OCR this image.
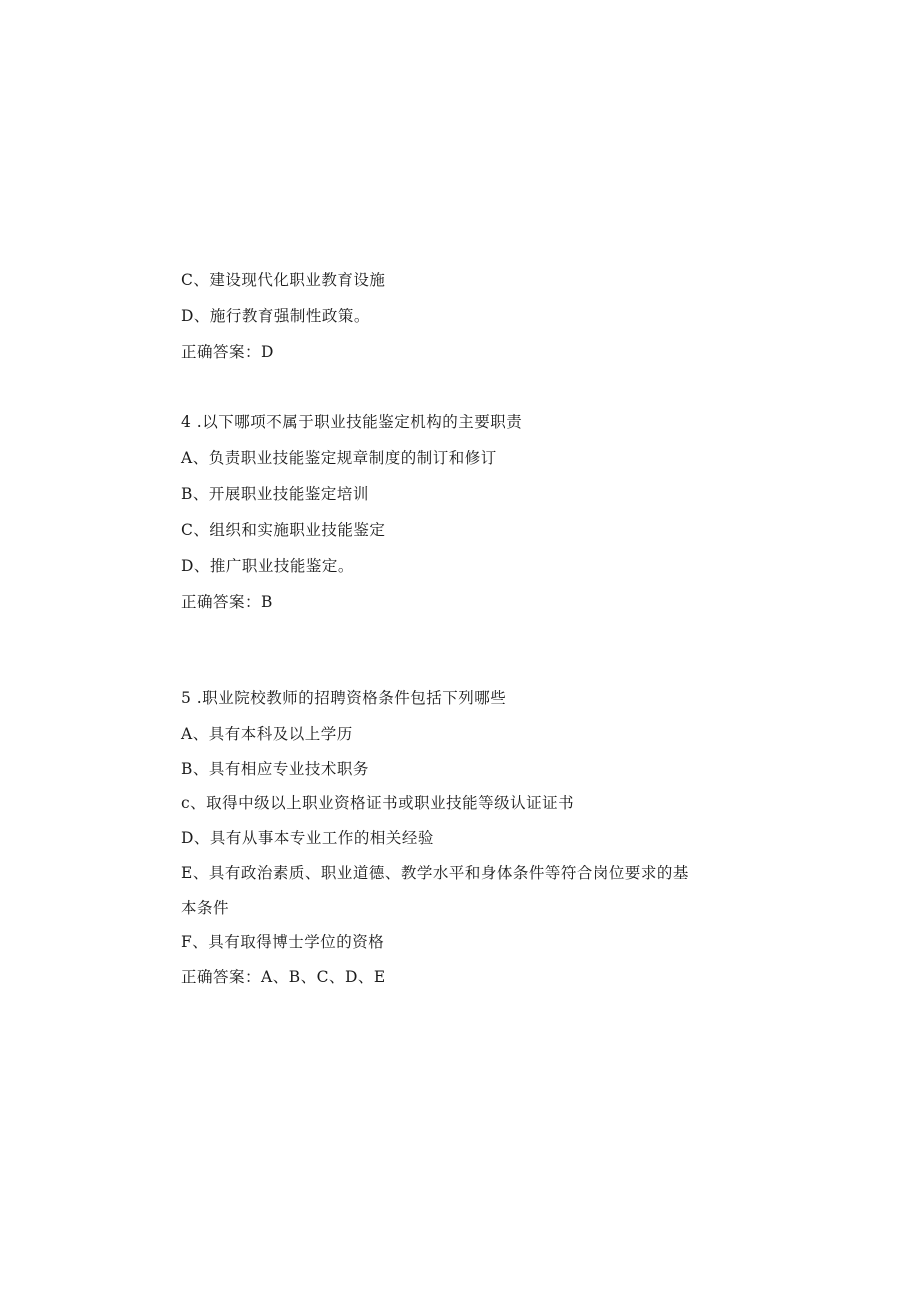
C、建设现代化职业教育设施
D、施行教育强制性政策。
正确答案：D
4 .以下哪项不属于职业技能鉴定机构的主要职责
A、负责职业技能鉴定规章制度的制订和修订
B、开展职业技能鉴定培训
C、组织和实施职业技能鉴定
D、推广职业技能鉴定。
正确答案：B
5 .职业院校教师的招聘资格条件包括下列哪些
A、具有本科及以上学历
B、具有相应专业技术职务
c、取得中级以上职业资格证书或职业技能等级认证证书
D、具有从事本专业工作的相关经验
E、具有政治素质、职业道德、教学水平和身体条件等符合岗位要求的基
本条件
F、具有取得博士学位的资格
正确答案：A、B、C、D、E
